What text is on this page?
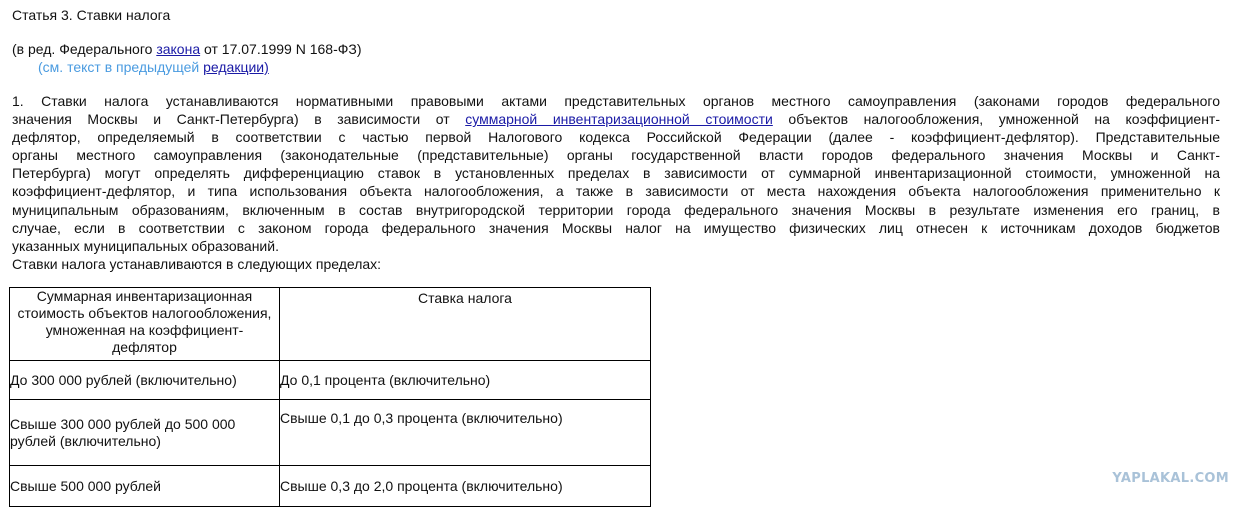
Статья 3. Ставки налога
(в ред. Федерального закона от 17.07.1999 N 168-ФЗ)
(см. текст в предыдущей редакции)
1. Ставки налога устанавливаются нормативными правовыми актами представительных органов местного самоуправления (законами городов федерального
значения Москвы и Санкт-Петербурга) в зависимости от суммарной инвентаризационной стоимости объектов налогообложения, умноженной на коэффициент-
дефлятор, определяемый в соответствии с частью первой Налогового кодекса Российской Федерации (далее - коэффициент-дефлятор). Представительные
органы местного самоуправления (законодательные (представительные) органы государственной власти городов федерального значения Москвы и Санкт-
Петербурга) могут определять дифференциацию ставок в установленных пределах в зависимости от суммарной инвентаризационной стоимости, умноженной на
коэффициент-дефлятор, и типа использования объекта налогообложения, а также в зависимости от места нахождения объекта налогообложения применительно к
муниципальным образованиям, включенным в состав внутригородской территории города федерального значения Москвы в результате изменения его границ, в
случае, если в соответствии с законом города федерального значения Москвы налог на имущество физических лиц отнесен к источникам доходов бюджетов
указанных муниципальных образований.
Ставки налога устанавливаются в следующих пределах:
Суммарная инвентаризационная стоимость объектов налогообложения, умноженная на коэффициент-дефлятор	Ставка налога
До 300 000 рублей (включительно)	До 0,1 процента (включительно)
Свыше 300 000 рублей до 500 000 рублей (включительно)	Свыше 0,1 до 0,3 процента (включительно)
Свыше 500 000 рублей	Свыше 0,3 до 2,0 процента (включительно)	YAPLAKAL.COM
